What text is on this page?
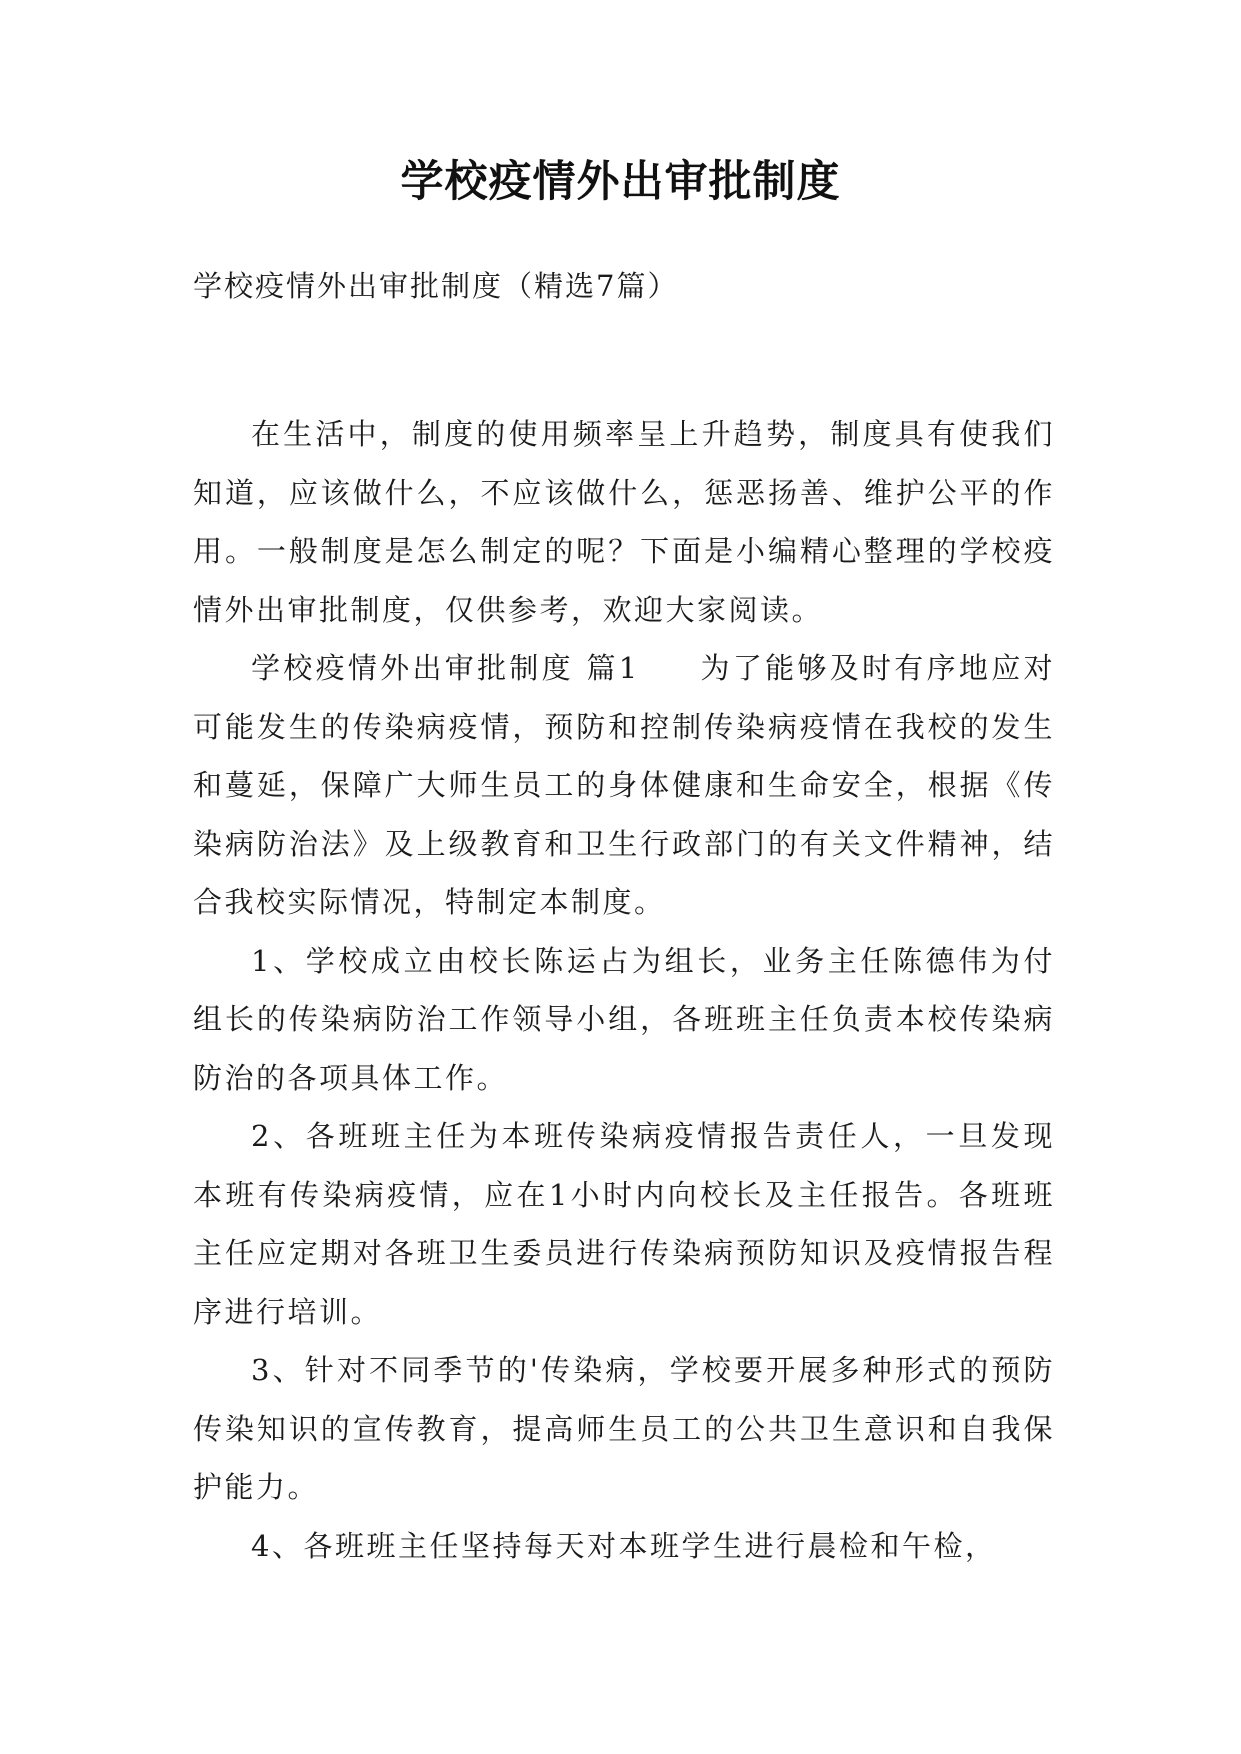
学校疫情外出审批制度
学校疫情外出审批制度（精选7篇）

在生活中，制度的使用频率呈上升趋势，制度具有使我们知道，应该做什么，不应该做什么，惩恶扬善、维护公平的作用。一般制度是怎么制定的呢？下面是小编精心整理的学校疫情外出审批制度，仅供参考，欢迎大家阅读。

学校疫情外出审批制度 篇1 为了能够及时有序地应对可能发生的传染病疫情，预防和控制传染病疫情在我校的发生和蔓延，保障广大师生员工的身体健康和生命安全，根据《传染病防治法》及上级教育和卫生行政部门的有关文件精神，结合我校实际情况，特制定本制度。

1、学校成立由校长陈运占为组长，业务主任陈德伟为付组长的传染病防治工作领导小组，各班班主任负责本校传染病防治的各项具体工作。

2、各班班主任为本班传染病疫情报告责任人，一旦发现本班有传染病疫情，应在1小时内向校长及主任报告。各班班主任应定期对各班卫生委员进行传染病预防知识及疫情报告程序进行培训。

3、针对不同季节的'传染病，学校要开展多种形式的预防传染知识的宣传教育，提高师生员工的公共卫生意识和自我保护能力。

4、各班班主任坚持每天对本班学生进行晨检和午检，
